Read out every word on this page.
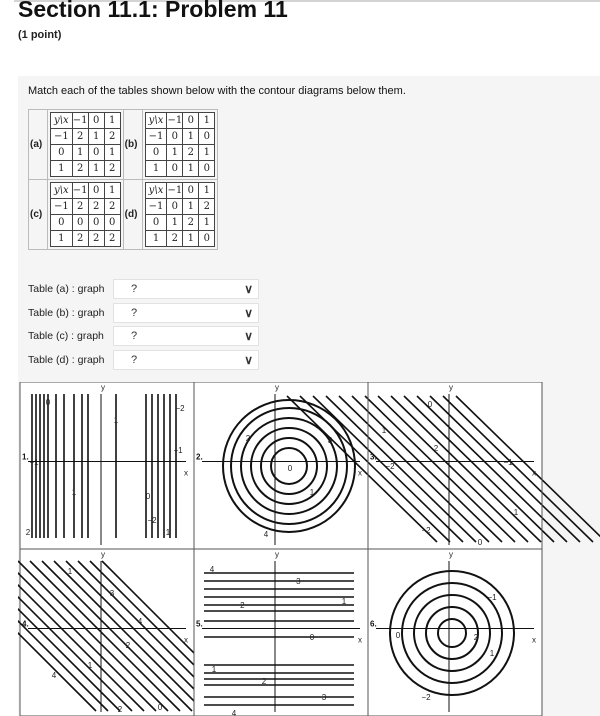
Section 11.1: Problem 11
(1 point)
Match each of the tables shown below with the contour diagrams below them.
(a)	
y\x	−1	0	1
−1	2	1	2
0	1	0	1
1	2	1	2
	(b)	
y\x	−1	0	1
−1	0	1	0
0	1	2	1
1	0	1	0

(c)	
y\x	−1	0	1
−1	2	2	2
0	0	0	0
1	2	2	2
	(d)	
y\x	−1	0	1
−1	0	1	2
0	1	2	1
1	2	1	0
Table (a) : graph ?	∨
Table (b) : graph ?	∨
Table (c) : graph ?	∨
Table (d) : graph ?	∨
0
−1
1
1
−2
−1
0
2	1
−2
x
y
1.
2	3
0
1
4
x
y
2.
1
0
2
−2
−1
1
−2
0
x
y
3.
1
3
4
2
1
4
2	0
x
y
4.
4
−2
−3
1
0
1
2
4
3
x
y
5.
0
−1
2
1
−2
x
y
6.
